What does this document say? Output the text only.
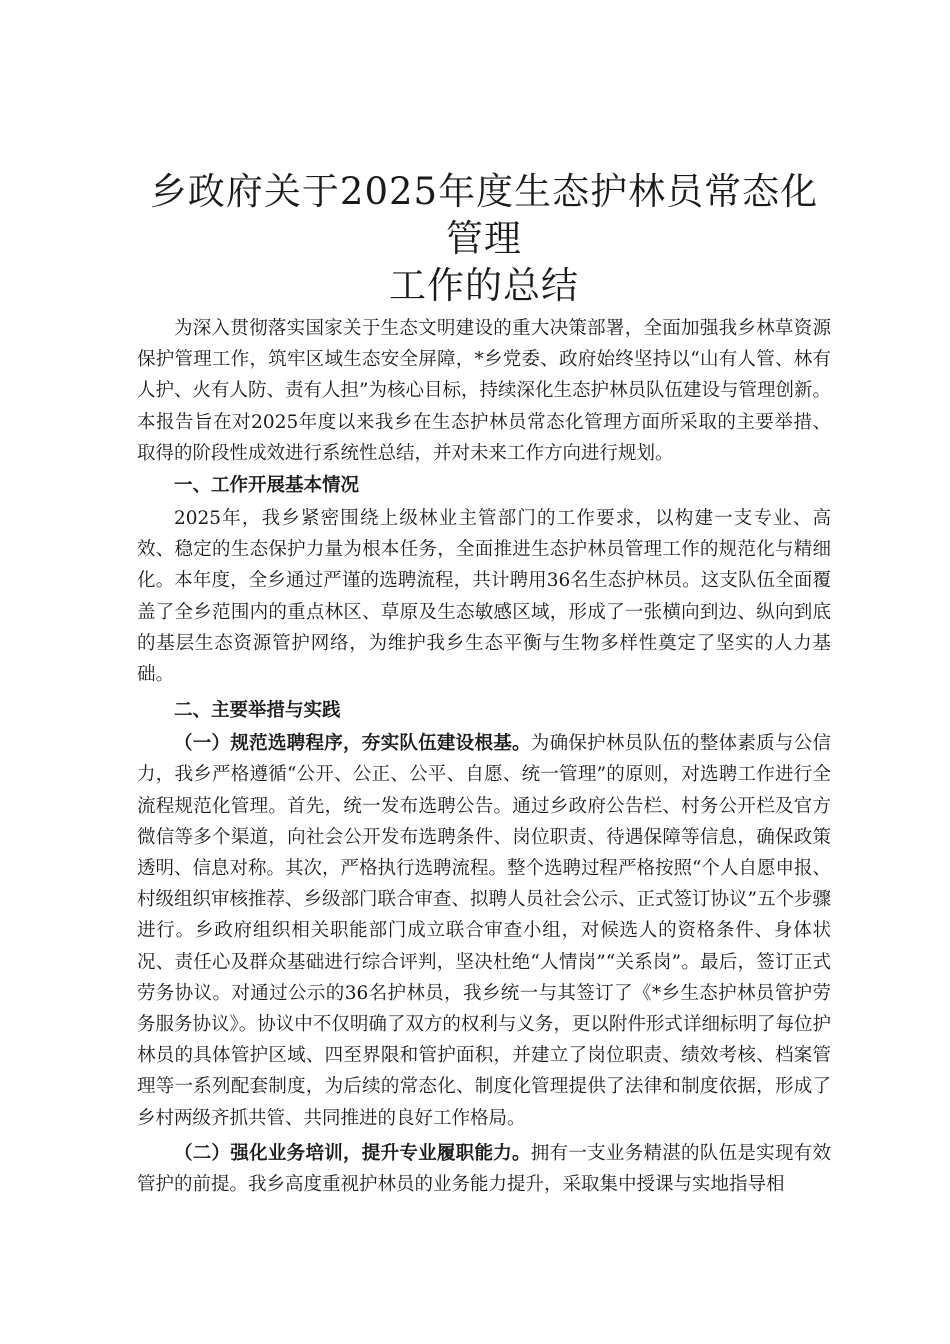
乡政府关于2025年度生态护林员常态化管理
工作的总结

为深入贯彻落实国家关于生态文明建设的重大决策部署，全面加强我乡林草资源保护管理工作，筑牢区域生态安全屏障，*乡党委、政府始终坚持以“山有人管、林有人护、火有人防、责有人担”为核心目标，持续深化生态护林员队伍建设与管理创新。本报告旨在对2025年度以来我乡在生态护林员常态化管理方面所采取的主要举措、取得的阶段性成效进行系统性总结，并对未来工作方向进行规划。

一、工作开展基本情况

2025年，我乡紧密围绕上级林业主管部门的工作要求，以构建一支专业、高效、稳定的生态保护力量为根本任务，全面推进生态护林员管理工作的规范化与精细化。本年度，全乡通过严谨的选聘流程，共计聘用36名生态护林员。这支队伍全面覆盖了全乡范围内的重点林区、草原及生态敏感区域，形成了一张横向到边、纵向到底的基层生态资源管护网络，为维护我乡生态平衡与生物多样性奠定了坚实的人力基础。

二、主要举措与实践

（一）规范选聘程序，夯实队伍建设根基。为确保护林员队伍的整体素质与公信力，我乡严格遵循“公开、公正、公平、自愿、统一管理”的原则，对选聘工作进行全流程规范化管理。首先，统一发布选聘公告。通过乡政府公告栏、村务公开栏及官方微信等多个渠道，向社会公开发布选聘条件、岗位职责、待遇保障等信息，确保政策透明、信息对称。其次，严格执行选聘流程。整个选聘过程严格按照“个人自愿申报、村级组织审核推荐、乡级部门联合审查、拟聘人员社会公示、正式签订协议”五个步骤进行。乡政府组织相关职能部门成立联合审查小组，对候选人的资格条件、身体状况、责任心及群众基础进行综合评判，坚决杜绝“人情岗”“关系岗”。最后，签订正式劳务协议。对通过公示的36名护林员，我乡统一与其签订了《*乡生态护林员管护劳务服务协议》。协议中不仅明确了双方的权利与义务，更以附件形式详细标明了每位护林员的具体管护区域、四至界限和管护面积，并建立了岗位职责、绩效考核、档案管理等一系列配套制度，为后续的常态化、制度化管理提供了法律和制度依据，形成了乡村两级齐抓共管、共同推进的良好工作格局。

（二）强化业务培训，提升专业履职能力。拥有一支业务精湛的队伍是实现有效管护的前提。我乡高度重视护林员的业务能力提升，采取集中授课与实地指导相
